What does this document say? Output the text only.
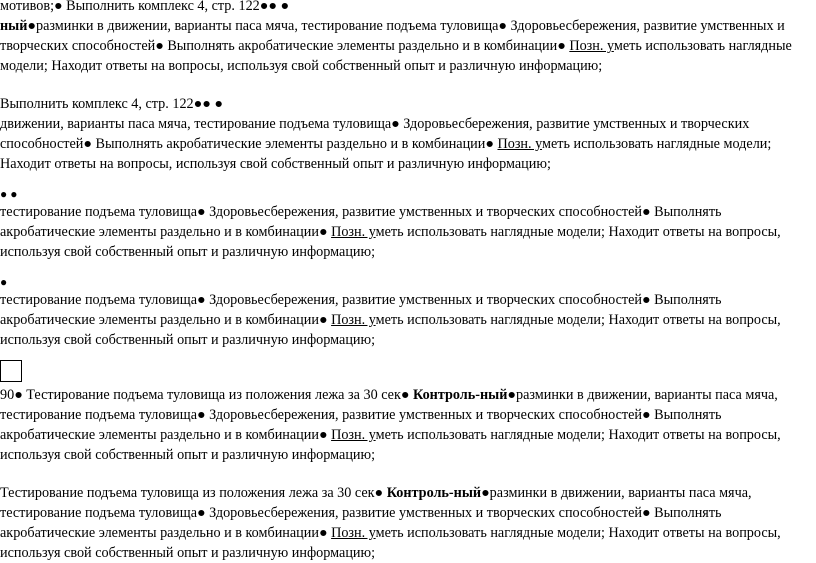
мотивов;● Выполнить комплекс 4, стр. 122●● ●
ный●разминки в движении, варианты паса мяча, тестирование подъема туловища● Здоровьесбережения, развитие умственных и творческих способностей● Выполнять акробатические элементы раздельно и в комбинации● Позн. уметь использовать наглядные модели; Находит ответы на вопросы, используя свой собственный опыт и различную информацию;

Выполнить комплекс 4, стр. 122●● ●
движении, варианты паса мяча, тестирование подъема туловища● Здоровьесбережения, развитие умственных и творческих способностей● Выполнять акробатические элементы раздельно и в комбинации● Позн. уметь использовать наглядные модели; Находит ответы на вопросы, используя свой собственный опыт и различную информацию;

● ●

тестирование подъема туловища● Здоровьесбережения, развитие умственных и творческих способностей● Выполнять акробатические элементы раздельно и в комбинации● Позн. уметь использовать наглядные модели; Находит ответы на вопросы, используя свой собственный опыт и различную информацию;

●

тестирование подъема туловища● Здоровьесбережения, развитие умственных и творческих способностей● Выполнять акробатические элементы раздельно и в комбинации● Позн. уметь использовать наглядные модели; Находит ответы на вопросы, используя свой собственный опыт и различную информацию;

90● Тестирование подъема туловища из положения лежа за 30 сек● Контроль-ный●разминки в движении, варианты паса мяча, тестирование подъема туловища● Здоровьесбережения, развитие умственных и творческих способностей● Выполнять акробатические элементы раздельно и в комбинации● Позн. уметь использовать наглядные модели; Находит ответы на вопросы, используя свой собственный опыт и различную информацию;

Тестирование подъема туловища из положения лежа за 30 сек● Контроль-ный●разминки в движении, варианты паса мяча, тестирование подъема туловища● Здоровьесбережения, развитие умственных и творческих способностей● Выполнять акробатические элементы раздельно и в комбинации● Позн. уметь использовать наглядные модели; Находит ответы на вопросы, используя свой собственный опыт и различную информацию;
